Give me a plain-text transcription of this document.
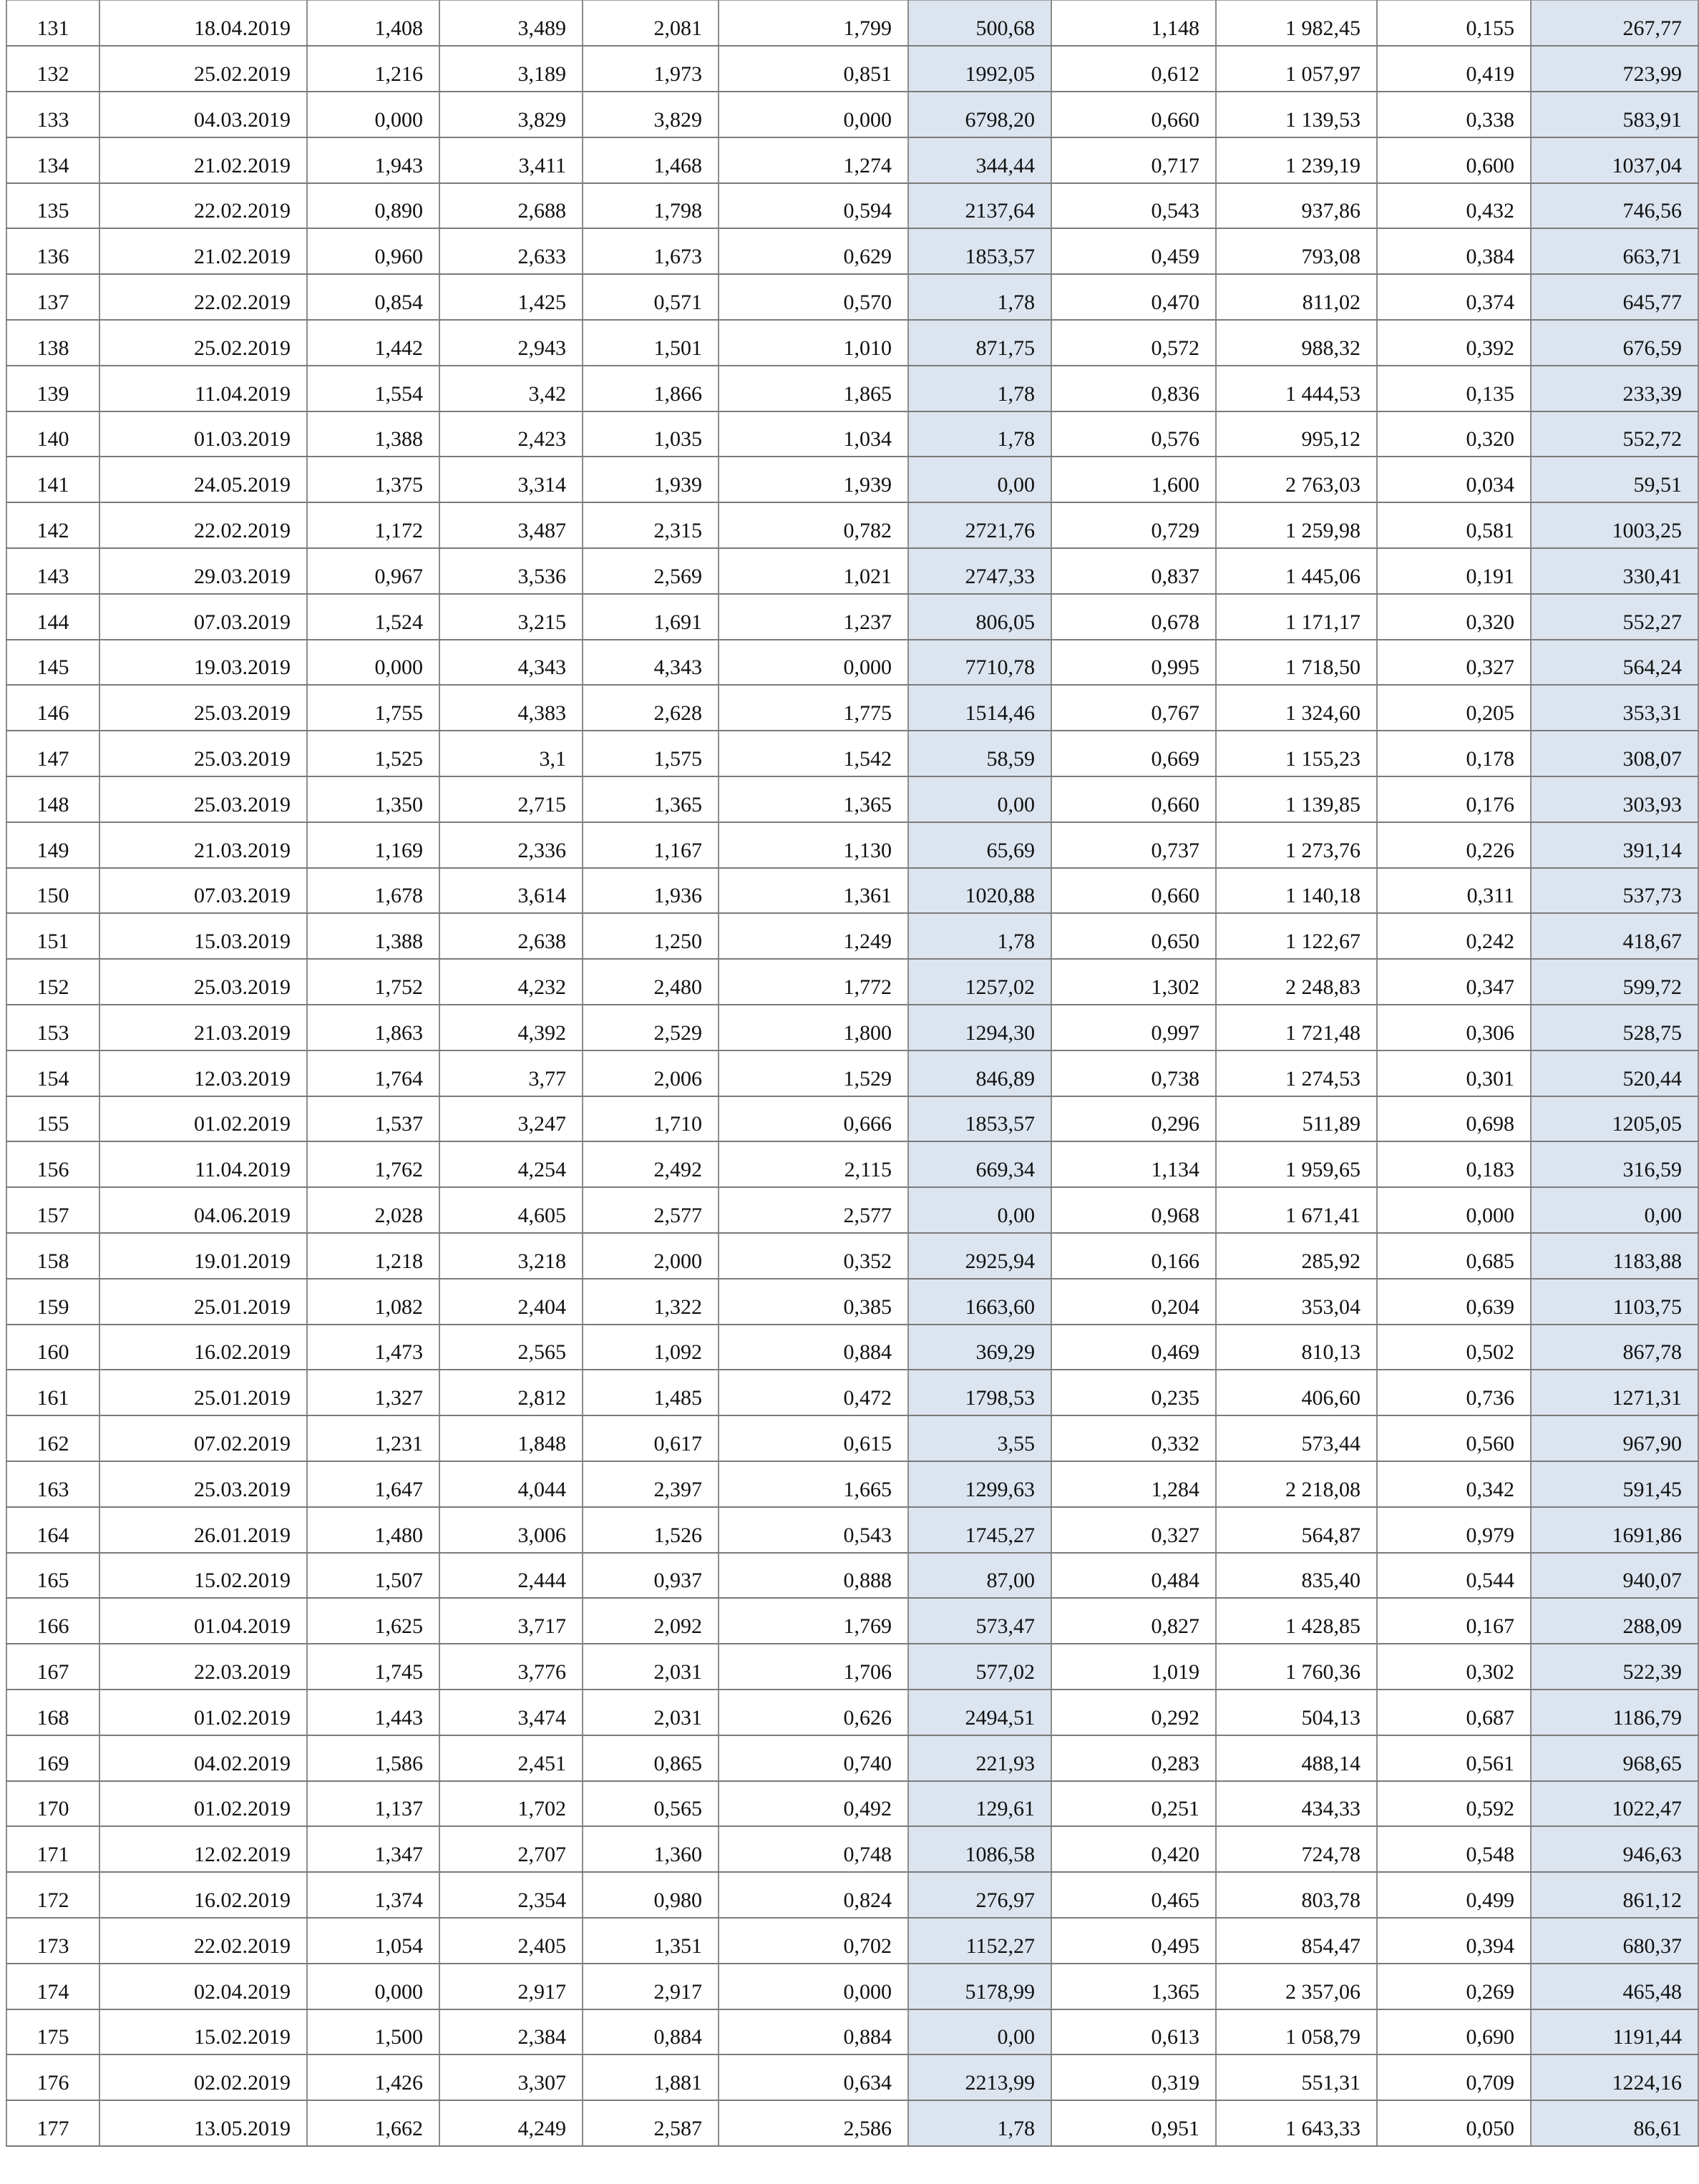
131	18.04.2019	1,408	3,489	2,081	1,799	500,68	1,148	1 982,45	0,155	267,77
132	25.02.2019	1,216	3,189	1,973	0,851	1992,05	0,612	1 057,97	0,419	723,99
133	04.03.2019	0,000	3,829	3,829	0,000	6798,20	0,660	1 139,53	0,338	583,91
134	21.02.2019	1,943	3,411	1,468	1,274	344,44	0,717	1 239,19	0,600	1037,04
135	22.02.2019	0,890	2,688	1,798	0,594	2137,64	0,543	937,86	0,432	746,56
136	21.02.2019	0,960	2,633	1,673	0,629	1853,57	0,459	793,08	0,384	663,71
137	22.02.2019	0,854	1,425	0,571	0,570	1,78	0,470	811,02	0,374	645,77
138	25.02.2019	1,442	2,943	1,501	1,010	871,75	0,572	988,32	0,392	676,59
139	11.04.2019	1,554	3,42	1,866	1,865	1,78	0,836	1 444,53	0,135	233,39
140	01.03.2019	1,388	2,423	1,035	1,034	1,78	0,576	995,12	0,320	552,72
141	24.05.2019	1,375	3,314	1,939	1,939	0,00	1,600	2 763,03	0,034	59,51
142	22.02.2019	1,172	3,487	2,315	0,782	2721,76	0,729	1 259,98	0,581	1003,25
143	29.03.2019	0,967	3,536	2,569	1,021	2747,33	0,837	1 445,06	0,191	330,41
144	07.03.2019	1,524	3,215	1,691	1,237	806,05	0,678	1 171,17	0,320	552,27
145	19.03.2019	0,000	4,343	4,343	0,000	7710,78	0,995	1 718,50	0,327	564,24
146	25.03.2019	1,755	4,383	2,628	1,775	1514,46	0,767	1 324,60	0,205	353,31
147	25.03.2019	1,525	3,1	1,575	1,542	58,59	0,669	1 155,23	0,178	308,07
148	25.03.2019	1,350	2,715	1,365	1,365	0,00	0,660	1 139,85	0,176	303,93
149	21.03.2019	1,169	2,336	1,167	1,130	65,69	0,737	1 273,76	0,226	391,14
150	07.03.2019	1,678	3,614	1,936	1,361	1020,88	0,660	1 140,18	0,311	537,73
151	15.03.2019	1,388	2,638	1,250	1,249	1,78	0,650	1 122,67	0,242	418,67
152	25.03.2019	1,752	4,232	2,480	1,772	1257,02	1,302	2 248,83	0,347	599,72
153	21.03.2019	1,863	4,392	2,529	1,800	1294,30	0,997	1 721,48	0,306	528,75
154	12.03.2019	1,764	3,77	2,006	1,529	846,89	0,738	1 274,53	0,301	520,44
155	01.02.2019	1,537	3,247	1,710	0,666	1853,57	0,296	511,89	0,698	1205,05
156	11.04.2019	1,762	4,254	2,492	2,115	669,34	1,134	1 959,65	0,183	316,59
157	04.06.2019	2,028	4,605	2,577	2,577	0,00	0,968	1 671,41	0,000	0,00
158	19.01.2019	1,218	3,218	2,000	0,352	2925,94	0,166	285,92	0,685	1183,88
159	25.01.2019	1,082	2,404	1,322	0,385	1663,60	0,204	353,04	0,639	1103,75
160	16.02.2019	1,473	2,565	1,092	0,884	369,29	0,469	810,13	0,502	867,78
161	25.01.2019	1,327	2,812	1,485	0,472	1798,53	0,235	406,60	0,736	1271,31
162	07.02.2019	1,231	1,848	0,617	0,615	3,55	0,332	573,44	0,560	967,90
163	25.03.2019	1,647	4,044	2,397	1,665	1299,63	1,284	2 218,08	0,342	591,45
164	26.01.2019	1,480	3,006	1,526	0,543	1745,27	0,327	564,87	0,979	1691,86
165	15.02.2019	1,507	2,444	0,937	0,888	87,00	0,484	835,40	0,544	940,07
166	01.04.2019	1,625	3,717	2,092	1,769	573,47	0,827	1 428,85	0,167	288,09
167	22.03.2019	1,745	3,776	2,031	1,706	577,02	1,019	1 760,36	0,302	522,39
168	01.02.2019	1,443	3,474	2,031	0,626	2494,51	0,292	504,13	0,687	1186,79
169	04.02.2019	1,586	2,451	0,865	0,740	221,93	0,283	488,14	0,561	968,65
170	01.02.2019	1,137	1,702	0,565	0,492	129,61	0,251	434,33	0,592	1022,47
171	12.02.2019	1,347	2,707	1,360	0,748	1086,58	0,420	724,78	0,548	946,63
172	16.02.2019	1,374	2,354	0,980	0,824	276,97	0,465	803,78	0,499	861,12
173	22.02.2019	1,054	2,405	1,351	0,702	1152,27	0,495	854,47	0,394	680,37
174	02.04.2019	0,000	2,917	2,917	0,000	5178,99	1,365	2 357,06	0,269	465,48
175	15.02.2019	1,500	2,384	0,884	0,884	0,00	0,613	1 058,79	0,690	1191,44
176	02.02.2019	1,426	3,307	1,881	0,634	2213,99	0,319	551,31	0,709	1224,16
177	13.05.2019	1,662	4,249	2,587	2,586	1,78	0,951	1 643,33	0,050	86,61
